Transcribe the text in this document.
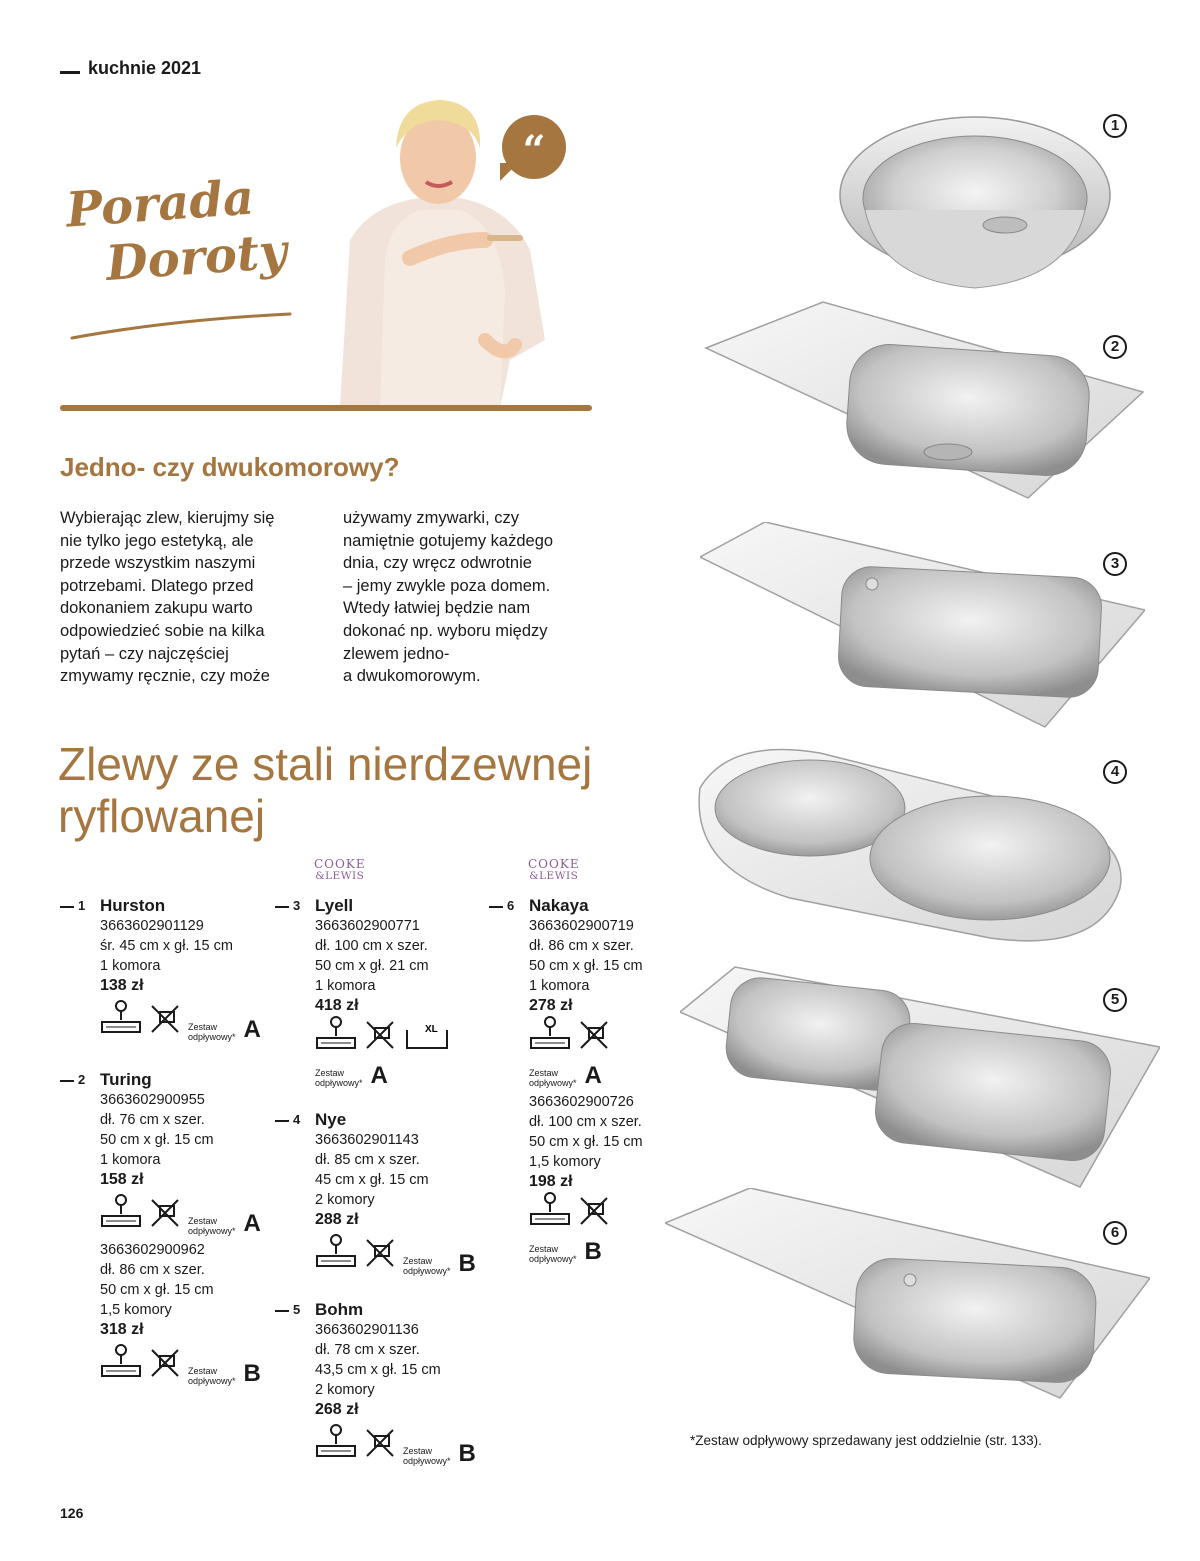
kuchnie 2021
Porada
Doroty
“
Jedno- czy dwukomorowy?

Wybierając zlew, kierujmy się

nie tylko jego estetyką, ale

przede wszystkim naszymi

potrzebami. Dlatego przed

dokonaniem zakupu warto

odpowiedzieć sobie na kilka

pytań – czy najczęściej

zmywamy ręcznie, czy może

używamy zmywarki, czy

namiętnie gotujemy każdego

dnia, czy wręcz odwrotnie

– jemy zwykle poza domem.

Wtedy łatwiej będzie nam

dokonać np. wyboru między

zlewem jedno-

a dwukomorowym.

Zlewy ze stali nierdzewnej
ryflowanej
COOKE
&LEWIS
COOKE
&LEWIS
1 Hurston
3663602901129
śr. 45 cm x gł. 15 cm
1 komora
138 zł
Zestaw
odpływowy* A
2 Turing
3663602900955
dł. 76 cm x szer.
50 cm x gł. 15 cm
1 komora
158 zł
Zestaw
odpływowy* A
3663602900962
dł. 86 cm x szer.
50 cm x gł. 15 cm
1,5 komory
318 zł
Zestaw
odpływowy* B
3 Lyell
3663602900771
dł. 100 cm x szer.
50 cm x gł. 21 cm
1 komora
418 zł
XL
Zestaw
odpływowy* A
4 Nye
3663602901143
dł. 85 cm x szer.
45 cm x gł. 15 cm
2 komory
288 zł
Zestaw
odpływowy* B
5 Bohm
3663602901136
dł. 78 cm x szer.
43,5 cm x gł. 15 cm
2 komory
268 zł
Zestaw
odpływowy* B
6 Nakaya
3663602900719
dł. 86 cm x szer.
50 cm x gł. 15 cm
1 komora
278 zł
Zestaw
odpływowy* A
3663602900726
dł. 100 cm x szer.
50 cm x gł. 15 cm
1,5 komory
198 zł
Zestaw
odpływowy* B
1
2
3
4
5
6
*Zestaw odpływowy sprzedawany jest oddzielnie (str. 133).
126
